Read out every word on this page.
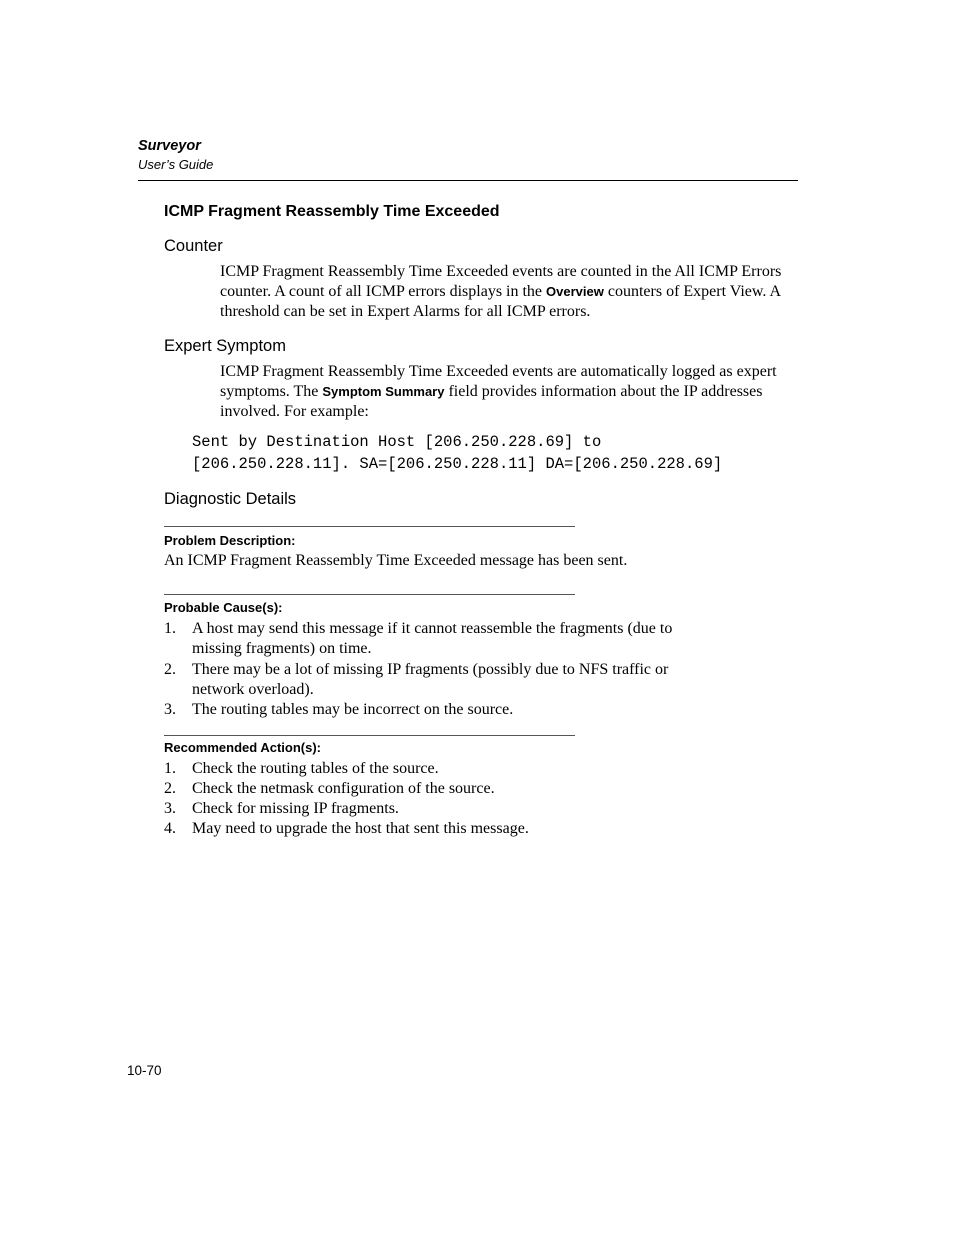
Surveyor
User’s Guide
ICMP Fragment Reassembly Time Exceeded
Counter
ICMP Fragment Reassembly Time Exceeded events are counted in the All ICMP Errors counter. A count of all ICMP errors displays in the Overview counters of Expert View. A threshold can be set in Expert Alarms for all ICMP errors.
Expert Symptom
ICMP Fragment Reassembly Time Exceeded events are automatically logged as expert symptoms. The Symptom Summary field provides information about the IP addresses involved. For example:
Sent by Destination Host [206.250.228.69] to
[206.250.228.11]. SA=[206.250.228.11] DA=[206.250.228.69]
Diagnostic Details
Problem Description:
An ICMP Fragment Reassembly Time Exceeded message has been sent.
Probable Cause(s):
1. A host may send this message if it cannot reassemble the fragments (due to missing fragments) on time.
2. There may be a lot of missing IP fragments (possibly due to NFS traffic or network overload).
3. The routing tables may be incorrect on the source.
Recommended Action(s):
1. Check the routing tables of the source.
2. Check the netmask configuration of the source.
3. Check for missing IP fragments.
4. May need to upgrade the host that sent this message.
10-70
